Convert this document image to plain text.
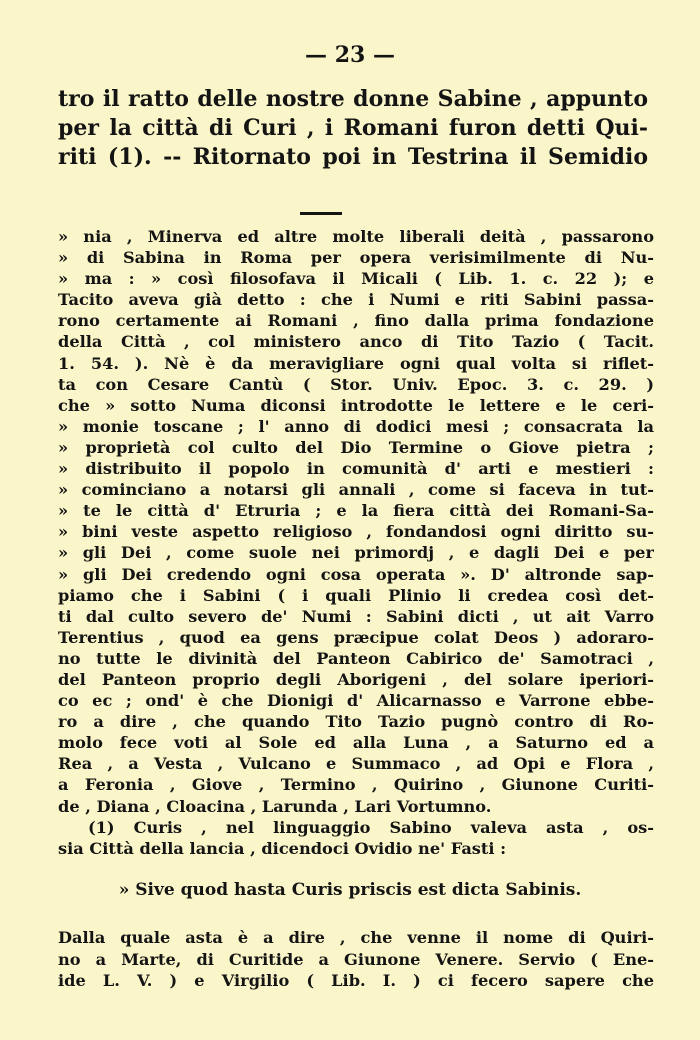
— 23 —
tro il ratto delle nostre donne Sabine , appunto
per la città di Curi , i Romani furon detti Qui-
riti (1). -- Ritornato poi in Testrina il Semidio
» nia , Minerva ed altre molte liberali deità , passarono
» di Sabina in Roma per opera verisimilmente di Nu-
» ma : » così filosofava il Micali ( Lib. 1. c. 22 ); e
Tacito aveva già detto : che i Numi e riti Sabini passa-
rono certamente ai Romani , fino dalla prima fondazione
della Città , col ministero anco di Tito Tazio ( Tacit.
1. 54. ). Nè è da meravigliare ogni qual volta si riflet-
ta con Cesare Cantù ( Stor. Univ. Epoc. 3. c. 29. )
che » sotto Numa diconsi introdotte le lettere e le ceri-
» monie toscane ; l' anno di dodici mesi ; consacrata la
» proprietà col culto del Dio Termine o Giove pietra ;
» distribuito il popolo in comunità d' arti e mestieri :
» cominciano a notarsi gli annali , come si faceva in tut-
» te le città d' Etruria ; e la fiera città dei Romani-Sa-
» bini veste aspetto religioso , fondandosi ogni diritto su-
» gli Dei , come suole nei primordj , e dagli Dei e per
» gli Dei credendo ogni cosa operata ». D' altronde sap-
piamo che i Sabini ( i quali Plinio li credea così det-
ti dal culto severo de' Numi : Sabini dicti , ut ait Varro
Terentius , quod ea gens præcipue colat Deos ) adoraro-
no tutte le divinità del Panteon Cabirico de' Samotraci ,
del Panteon proprio degli Aborigeni , del solare iperiori-
co ec ; ond' è che Dionigi d' Alicarnasso e Varrone ebbe-
ro a dire , che quando Tito Tazio pugnò contro di Ro-
molo fece voti al Sole ed alla Luna , a Saturno ed a
Rea , a Vesta , Vulcano e Summaco , ad Opi e Flora ,
a Feronia , Giove , Termino , Quirino , Giunone Curiti-
de , Diana , Cloacina , Larunda , Lari Vortumno.
(1) Curis , nel linguaggio Sabino valeva asta , os-
sia Città della lancia , dicendoci Ovidio ne' Fasti :
» Sive quod hasta Curis priscis est dicta Sabinis.
Dalla quale asta è a dire , che venne il nome di Quiri-
no a Marte, di Curitide a Giunone Venere. Servio ( Ene-
ide L. V. ) e Virgilio ( Lib. I. ) ci fecero sapere che
